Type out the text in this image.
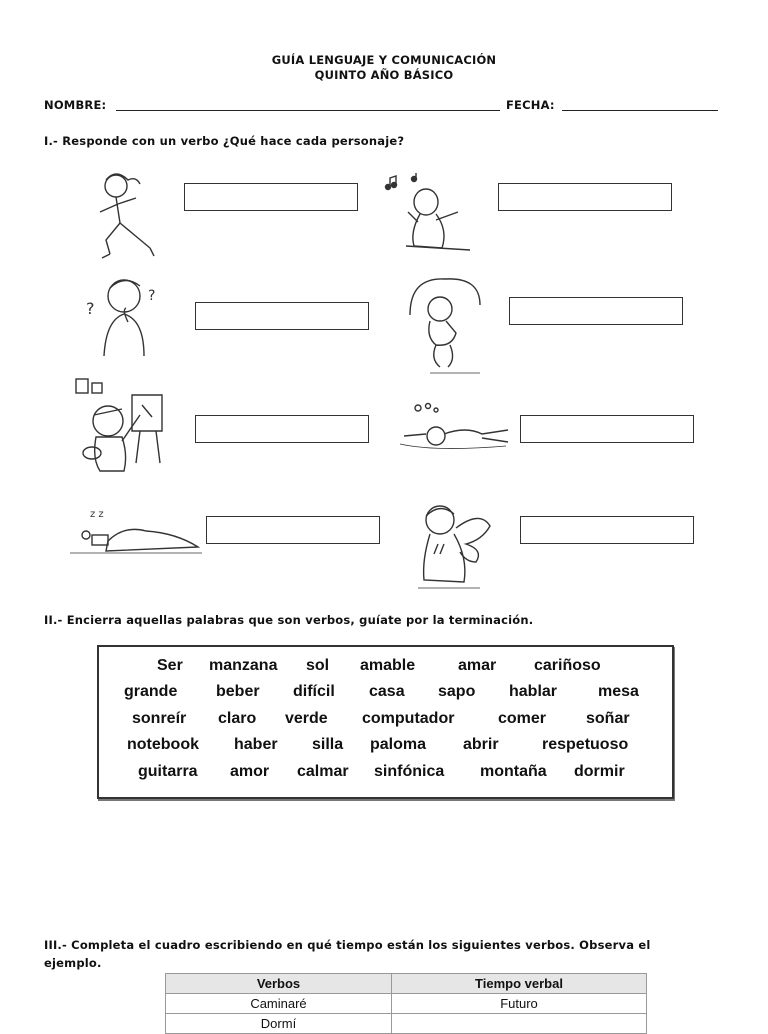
GUÍA LENGUAJE Y COMUNICACIÓN
QUINTO AÑO BÁSICO
NOMBRE:	FECHA:
I.- Responde con un verbo ¿Qué hace cada personaje?
?
?
z z
II.- Encierra aquellas palabras que son verbos, guíate por la terminación.
Ser manzana sol amable	amar cariñoso
grande beber difícil casa sapo hablar	mesa
sonreír claro verde computador	comer soñar
notebook haber silla paloma abrir	respetuoso
guitarra amor calmar sinfónica montaña dormir
III.- Completa el cuadro escribiendo en qué tiempo están los siguientes verbos. Observa el
ejemplo.
Verbos	Tiempo verbal
Caminaré	Futuro
Dormí	
